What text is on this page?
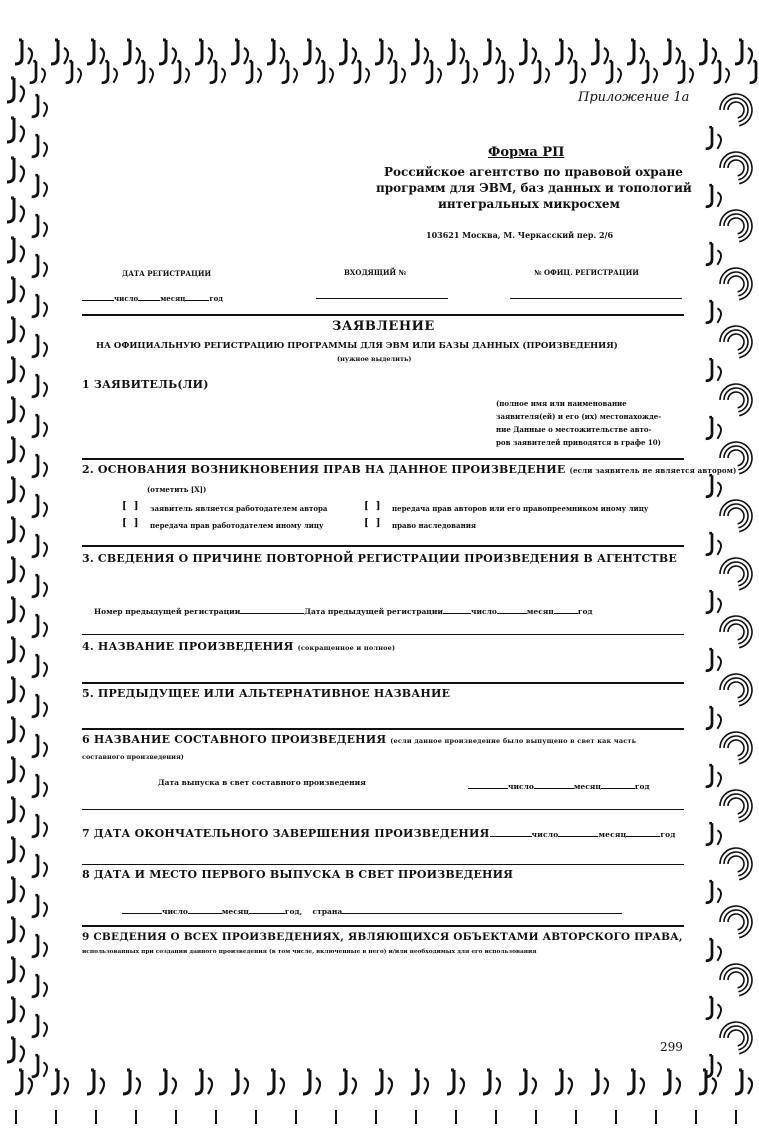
Приложение 1а
Форма РП
Российское агентство по правовой охране
программ для ЭВМ, баз данных и топологий
интегральных микросхем
103621 Москва, М. Черкасский пер. 2/6
ДАТА РЕГИСТРАЦИИ	ВХОДЯЩИЙ №	№ ОФИЦ. РЕГИСТРАЦИИ
число	месяц	год
ЗАЯВЛЕНИЕ
НА ОФИЦИАЛЬНУЮ РЕГИСТРАЦИЮ ПРОГРАММЫ ДЛЯ ЭВМ ИЛИ БАЗЫ ДАННЫХ (ПРОИЗВЕДЕНИЯ)
(нужное выделить)
1 ЗАЯВИТЕЛЬ(ЛИ)
(полное имя или наименование
заявителя(ей) и его (их) местонахожде-
ние Данные о местожительстве авто-
ров заявителей приводятся в графе 10)
2. ОСНОВАНИЯ ВОЗНИКНОВЕНИЯ ПРАВ НА ДАННОЕ ПРОИЗВЕДЕНИЕ (если заявитель не является автором)
(отметить [X])
[  ] заявитель является работодателем автора	[  ] передача прав авторов или его правопреемником иному лицу
[  ] передача прав работодателем иному лицу	[  ] право наследования
3. СВЕДЕНИЯ О ПРИЧИНЕ ПОВТОРНОЙ РЕГИСТРАЦИИ ПРОИЗВЕДЕНИЯ В АГЕНТСТВЕ
Номер предыдущей регистрации	Дата предыдущей регистрации	число	месяц	год
4. НАЗВАНИЕ ПРОИЗВЕДЕНИЯ (сокращенное и полное)
5. ПРЕДЫДУЩЕЕ ИЛИ АЛЬТЕРНАТИВНОЕ НАЗВАНИЕ
6 НАЗВАНИЕ СОСТАВНОГО ПРОИЗВЕДЕНИЯ (если данное произведение было выпущено в свет как часть
составного произведения)
Дата выпуска в свет составного произведения	число	месяц	год
7 ДАТА ОКОНЧАТЕЛЬНОГО ЗАВЕРШЕНИЯ ПРОИЗВЕДЕНИЯ	число	месяц	год
8 ДАТА И МЕСТО ПЕРВОГО ВЫПУСКА В СВЕТ ПРОИЗВЕДЕНИЯ
число	месяц	год, страна
9 СВЕДЕНИЯ О ВСЕХ ПРОИЗВЕДЕНИЯХ, ЯВЛЯЮЩИХСЯ ОБЪЕКТАМИ АВТОРСКОГО ПРАВА,
использованных при создании данного произведения (в том числе, включенные в него) и/или необходимых для его использования
299
